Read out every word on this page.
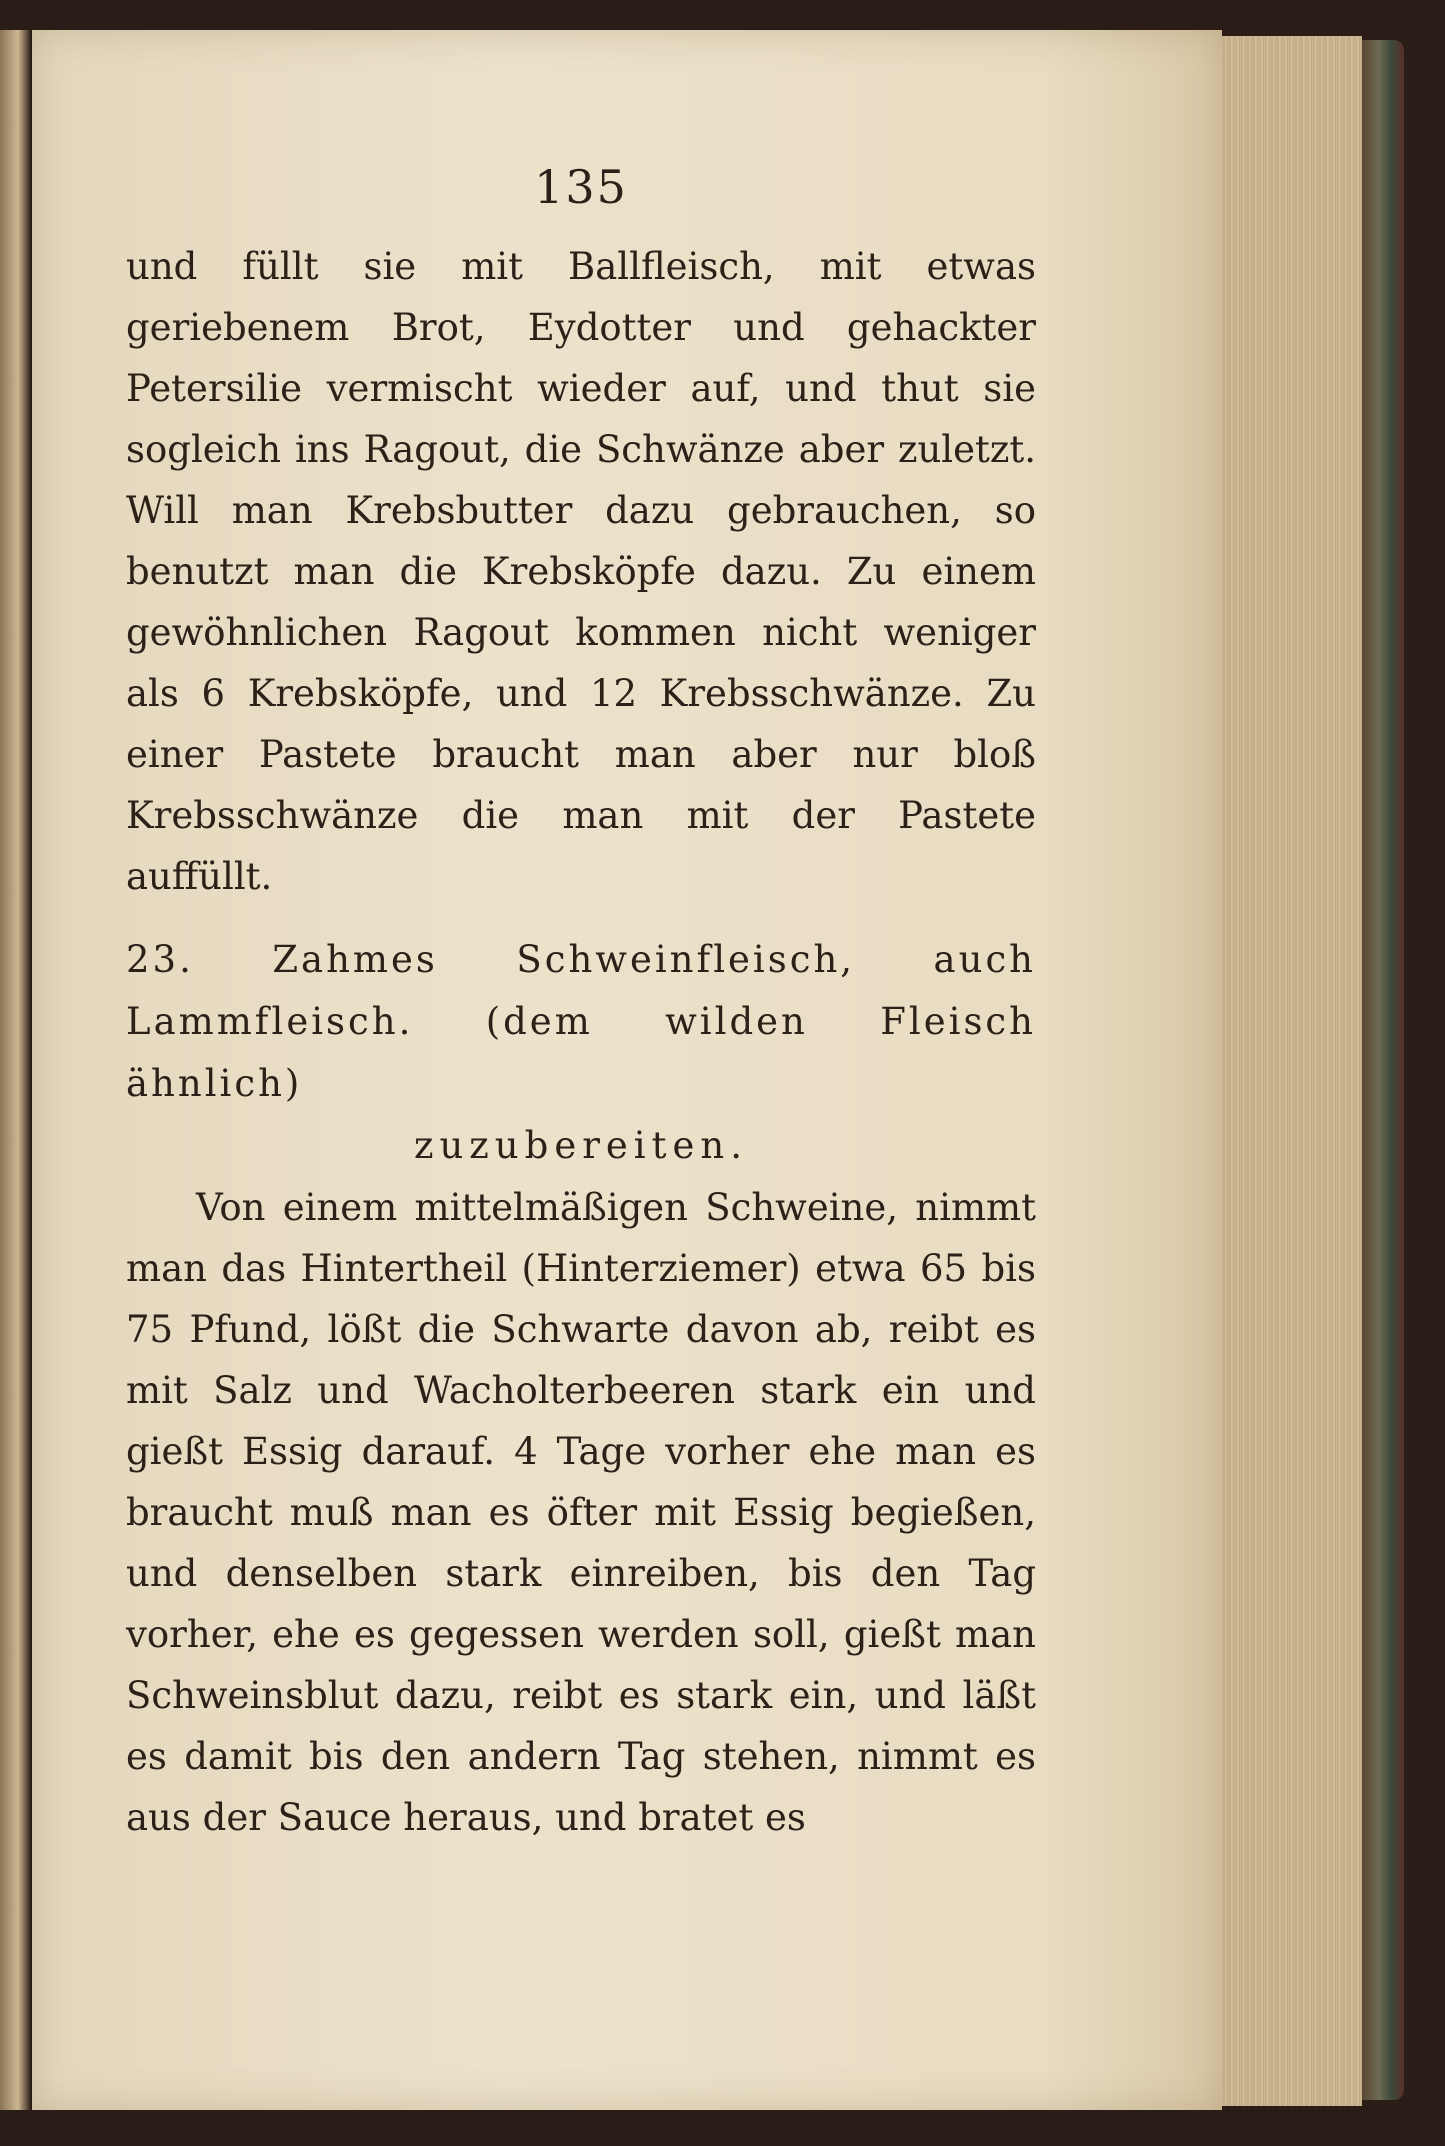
135

und füllt sie mit Ballfleisch, mit etwas geriebenem Brot, Eydotter und gehackter Petersilie vermischt wieder auf, und thut sie sogleich ins Ragout, die Schwänze aber zuletzt. Will man Krebsbutter dazu gebrauchen, so benutzt man die Krebsköpfe dazu. Zu einem gewöhnlichen Ragout kommen nicht weniger als 6 Krebsköpfe, und 12 Krebsschwänze. Zu einer Pastete braucht man aber nur bloß Krebsschwänze die man mit der Pastete auffüllt.

23. Zahmes Schweinfleisch, auch Lammfleisch. (dem wilden Fleisch ähnlich)
zuzubereiten.

Von einem mittelmäßigen Schweine, nimmt man das Hintertheil (Hinterziemer) etwa 65 bis 75 Pfund, lößt die Schwarte davon ab, reibt es mit Salz und Wacholterbeeren stark ein und gießt Essig darauf. 4 Tage vorher ehe man es braucht muß man es öfter mit Essig begießen, und denselben stark einreiben, bis den Tag vorher, ehe es gegessen werden soll, gießt man Schweinsblut dazu, reibt es stark ein, und läßt es damit bis den andern Tag stehen, nimmt es aus der Sauce heraus, und bratet es
